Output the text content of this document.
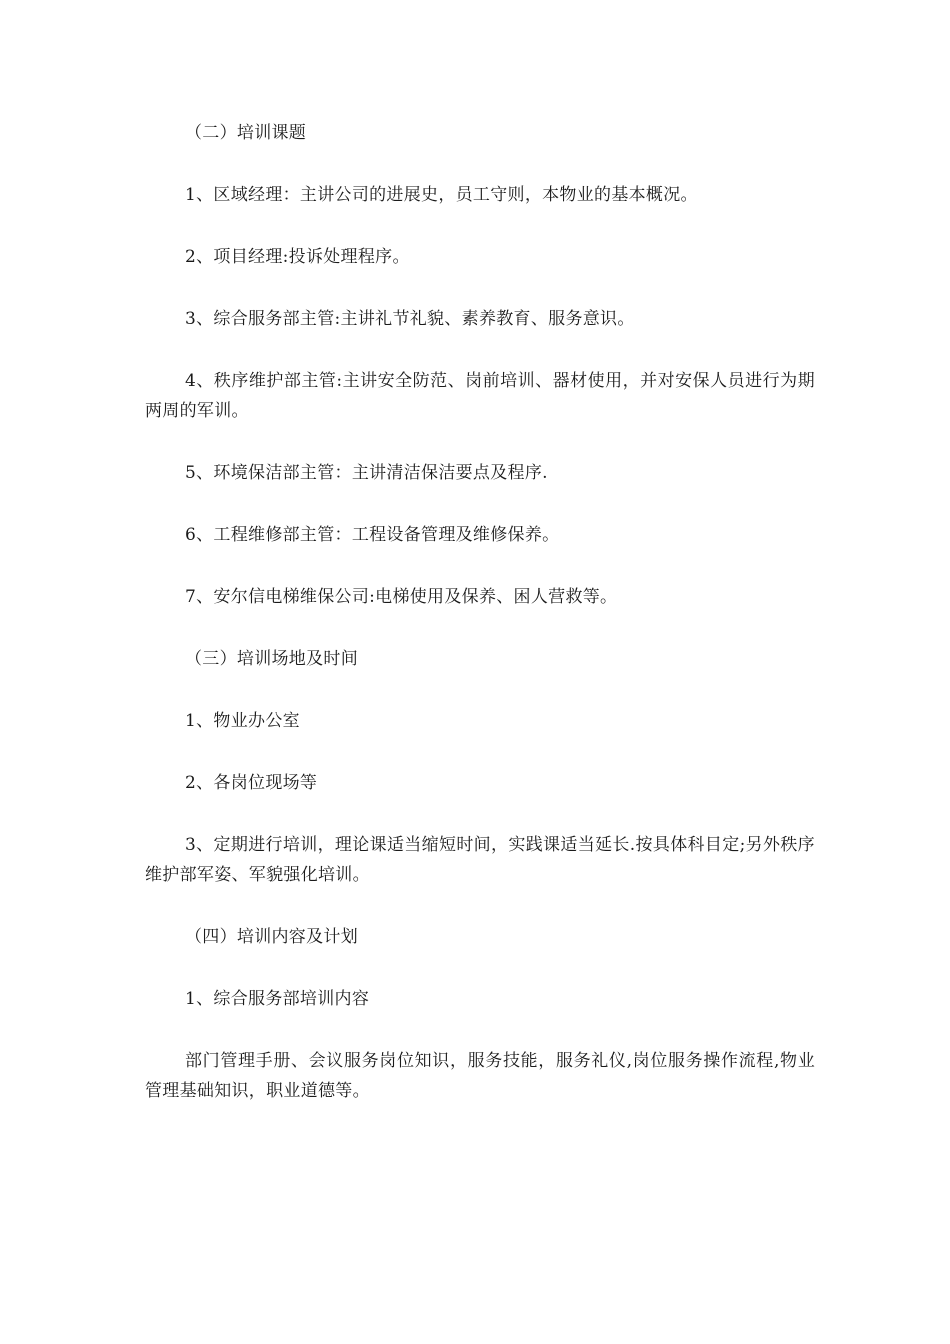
（二）培训课题

1、区域经理：主讲公司的进展史，员工守则，本物业的基本概况。

2、项目经理:投诉处理程序。

3、综合服务部主管:主讲礼节礼貌、素养教育、服务意识。

4、秩序维护部主管:主讲安全防范、岗前培训、器材使用，并对安保人员进行为期两周的军训。

5、环境保洁部主管：主讲清洁保洁要点及程序.

6、工程维修部主管：工程设备管理及维修保养。

7、安尔信电梯维保公司:电梯使用及保养、困人营救等。

（三）培训场地及时间

1、物业办公室

2、各岗位现场等

3、定期进行培训，理论课适当缩短时间，实践课适当延长.按具体科目定;另外秩序维护部军姿、军貌强化培训。

（四）培训内容及计划

1、综合服务部培训内容

部门管理手册、会议服务岗位知识，服务技能，服务礼仪,岗位服务操作流程,物业管理基础知识，职业道德等。
